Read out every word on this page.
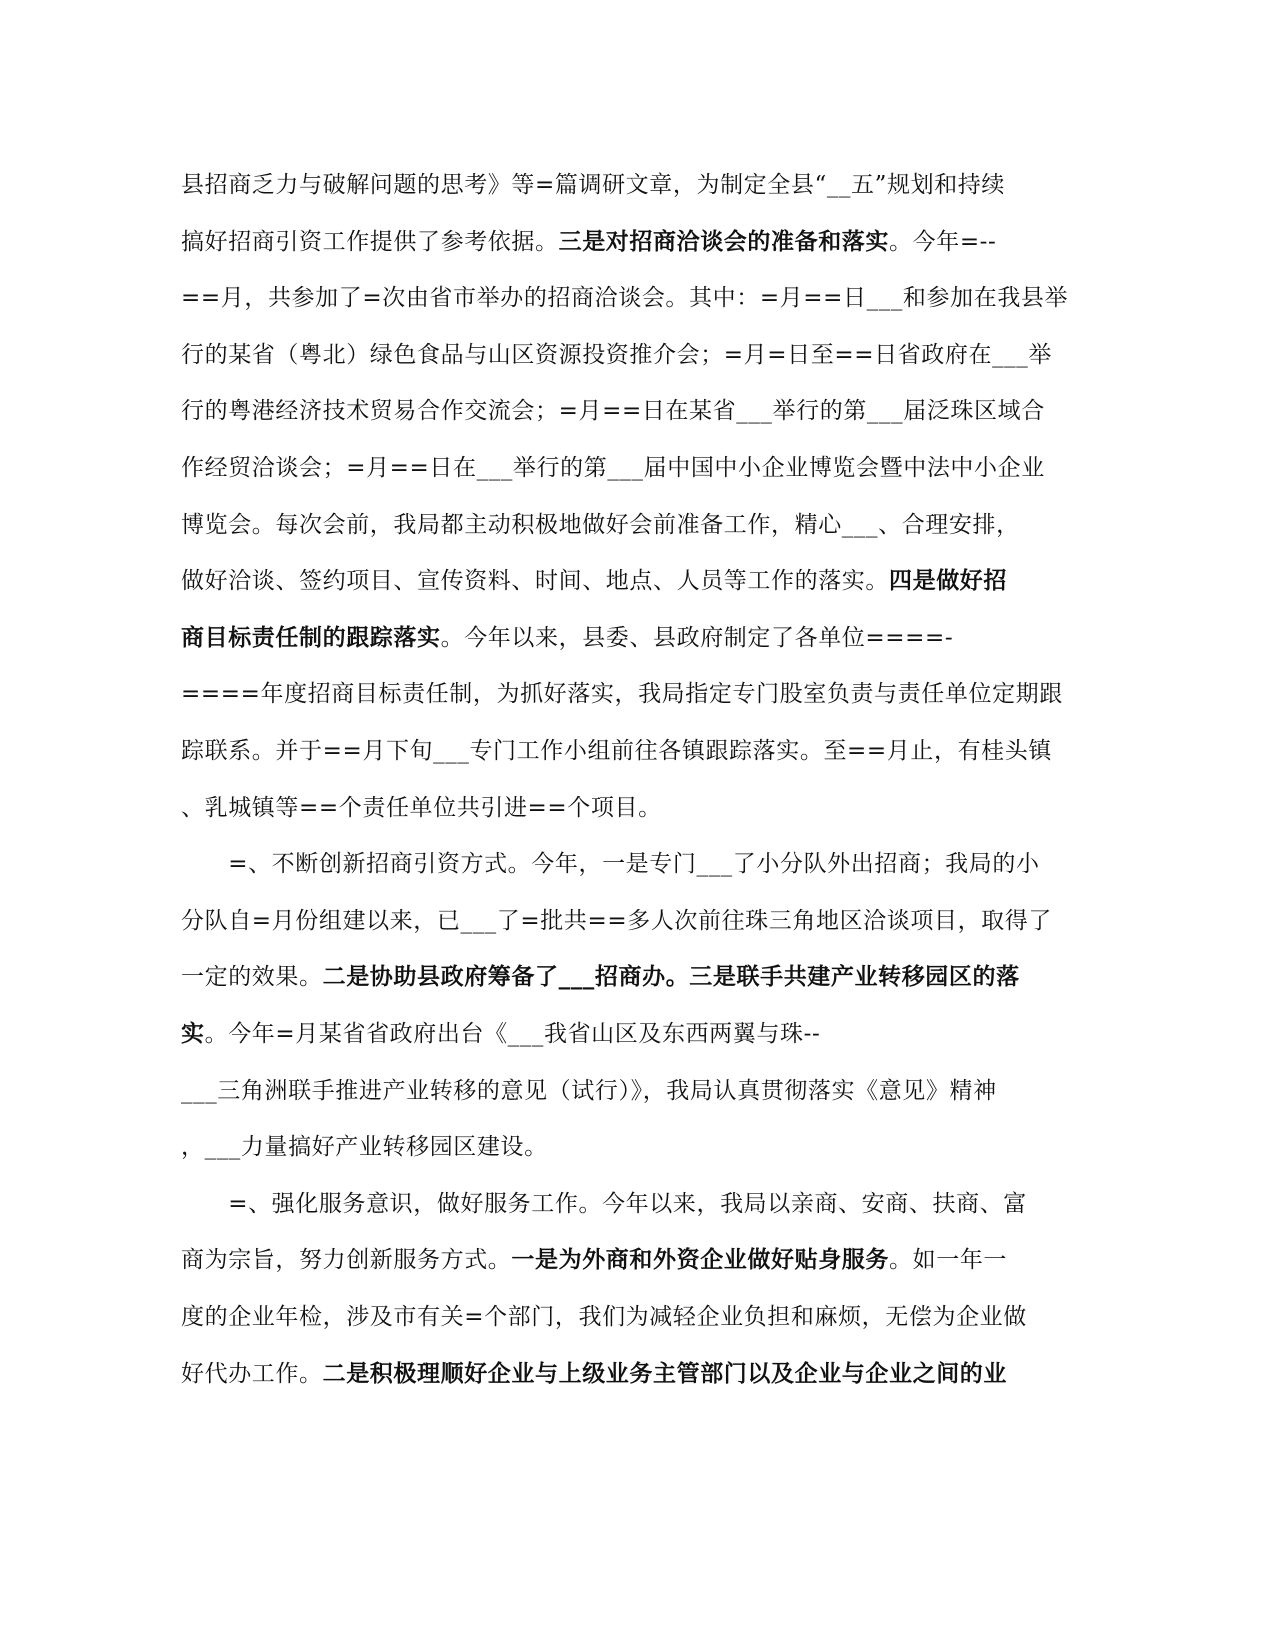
县招商乏力与破解问题的思考》等=篇调研文章，为制定全县“__五”规划和持续
搞好招商引资工作提供了参考依据。三是对招商洽谈会的准备和落实。今年=--
==月，共参加了=次由省市举办的招商洽谈会。其中：=月==日___和参加在我县举
行的某省（粤北）绿色食品与山区资源投资推介会；=月=日至==日省政府在___举
行的粤港经济技术贸易合作交流会；=月==日在某省___举行的第___届泛珠区域合
作经贸洽谈会；=月==日在___举行的第___届中国中小企业博览会暨中法中小企业
博览会。每次会前，我局都主动积极地做好会前准备工作，精心___、合理安排，
做好洽谈、签约项目、宣传资料、时间、地点、人员等工作的落实。四是做好招
商目标责任制的跟踪落实。今年以来，县委、县政府制定了各单位====-
====年度招商目标责任制，为抓好落实，我局指定专门股室负责与责任单位定期跟
踪联系。并于==月下旬___专门工作小组前往各镇跟踪落实。至==月止，有桂头镇
、乳城镇等==个责任单位共引进==个项目。
　　=、不断创新招商引资方式。今年，一是专门___了小分队外出招商；我局的小
分队自=月份组建以来，已___了=批共==多人次前往珠三角地区洽谈项目，取得了
一定的效果。二是协助县政府筹备了___招商办。三是联手共建产业转移园区的落
实。今年=月某省省政府出台《___我省山区及东西两翼与珠--
___三角洲联手推进产业转移的意见（试行）》，我局认真贯彻落实《意见》精神
，___力量搞好产业转移园区建设。
　　=、强化服务意识，做好服务工作。今年以来，我局以亲商、安商、扶商、富
商为宗旨，努力创新服务方式。一是为外商和外资企业做好贴身服务。如一年一
度的企业年检，涉及市有关=个部门，我们为减轻企业负担和麻烦，无偿为企业做
好代办工作。二是积极理顺好企业与上级业务主管部门以及企业与企业之间的业
